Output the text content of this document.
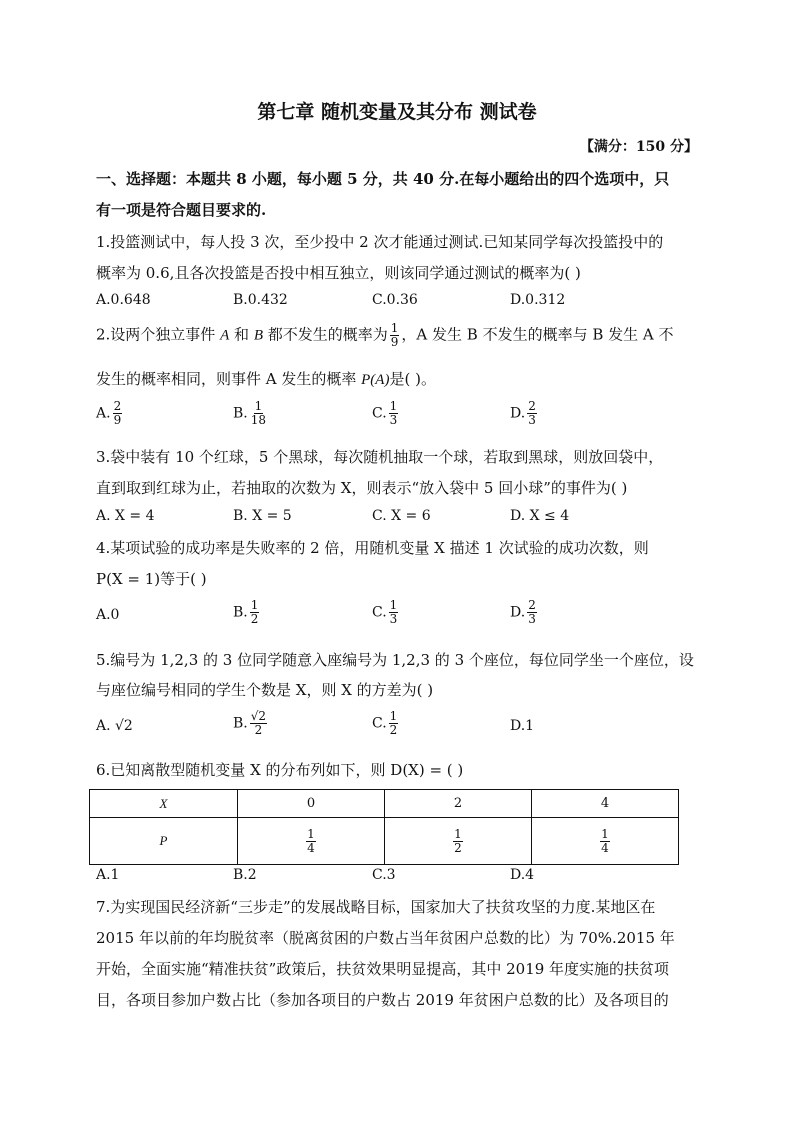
第七章 随机变量及其分布 测试卷
【满分：150 分】
一、选择题：本题共 8 小题，每小题 5 分，共 40 分.在每小题给出的四个选项中，只
有一项是符合题目要求的.
1.投篮测试中，每人投 3 次，至少投中 2 次才能通过测试.已知某同学每次投篮投中的
概率为 0.6,且各次投篮是否投中相互独立，则该同学通过测试的概率为( )
A.0.648	B.0.432	C.0.36	D.0.312
2.设两个独立事件 A 和 B 都不发生的概率为 $\frac{1}{9}$ ，A 发生 B 不发生的概率与 B 发生 A 不
发生的概率相同，则事件 A 发生的概率 P(A)是( )。
A. $\frac{2}{9}$	B. $\frac{1}{18}$	C. $\frac{1}{3}$	D. $\frac{2}{3}$
3.袋中装有 10 个红球，5 个黑球，每次随机抽取一个球，若取到黑球，则放回袋中，
直到取到红球为止，若抽取的次数为 X，则表示“放入袋中 5 回小球”的事件为( )
A. X = 4	B. X = 5	C. X = 6	D. X ≤ 4
4.某项试验的成功率是失败率的 2 倍，用随机变量 X 描述 1 次试验的成功次数，则
P(X = 1)等于( )
A.0	B. $\frac{1}{2}$	C. $\frac{1}{3}$	D. $\frac{2}{3}$
5.编号为 1,2,3 的 3 位同学随意入座编号为 1,2,3 的 3 个座位，每位同学坐一个座位，设
与座位编号相同的学生个数是 X，则 X 的方差为( )
A. √2	B. $\frac{√2}{2}$	C. $\frac{1}{2}$	D.1
6.已知离散型随机变量 X 的分布列如下，则 D(X) = ( )
X	0	2	4
P	$\frac{1}{4}$	$\frac{1}{2}$	$\frac{1}{4}$
A.1	B.2	C.3	D.4
7.为实现国民经济新“三步走”的发展战略目标，国家加大了扶贫攻坚的力度.某地区在
2015 年以前的年均脱贫率（脱离贫困的户数占当年贫困户总数的比）为 70%.2015 年
开始，全面实施“精准扶贫”政策后，扶贫效果明显提高，其中 2019 年度实施的扶贫项
目，各项目参加户数占比（参加各项目的户数占 2019 年贫困户总数的比）及各项目的
